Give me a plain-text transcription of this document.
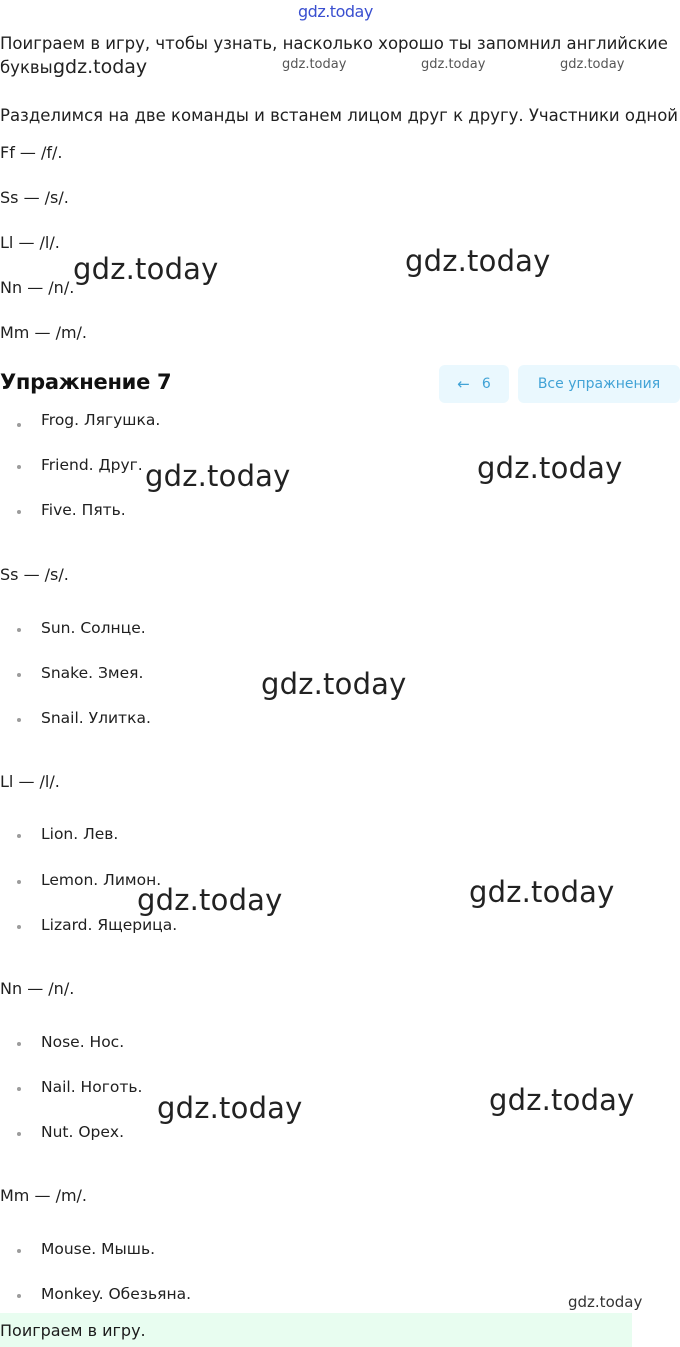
gdz.today
Поиграем в игру, чтобы узнать, насколько хорошо ты запомнил английские
буквы.
Разделимся на две команды и встанем лицом друг к другу. Участники одной
Ff — /f/.
Ss — /s/.
Ll — /l/.
Nn — /n/.
Mm — /m/.
Упражнение 7	← 6	Все упражнения
Frog. Лягушка.
Friend. Друг.
Five. Пять.
Ss — /s/.
Sun. Солнце.
Snake. Змея.
Snail. Улитка.
Ll — /l/.
Lion. Лев.
Lemon. Лимон.
Lizard. Ящерица.
Nn — /n/.
Nose. Нос.
Nail. Ноготь.
Nut. Орех.
Mm — /m/.
Mouse. Мышь.
Monkey. Обезьяна.
Поиграем в игру.
gdz.today	gdz.today	gdz.today	gdz.today
gdz.today	gdz.today
gdz.today	gdz.today
gdz.today
gdz.today	gdz.today
gdz.today	gdz.today
gdz.today
